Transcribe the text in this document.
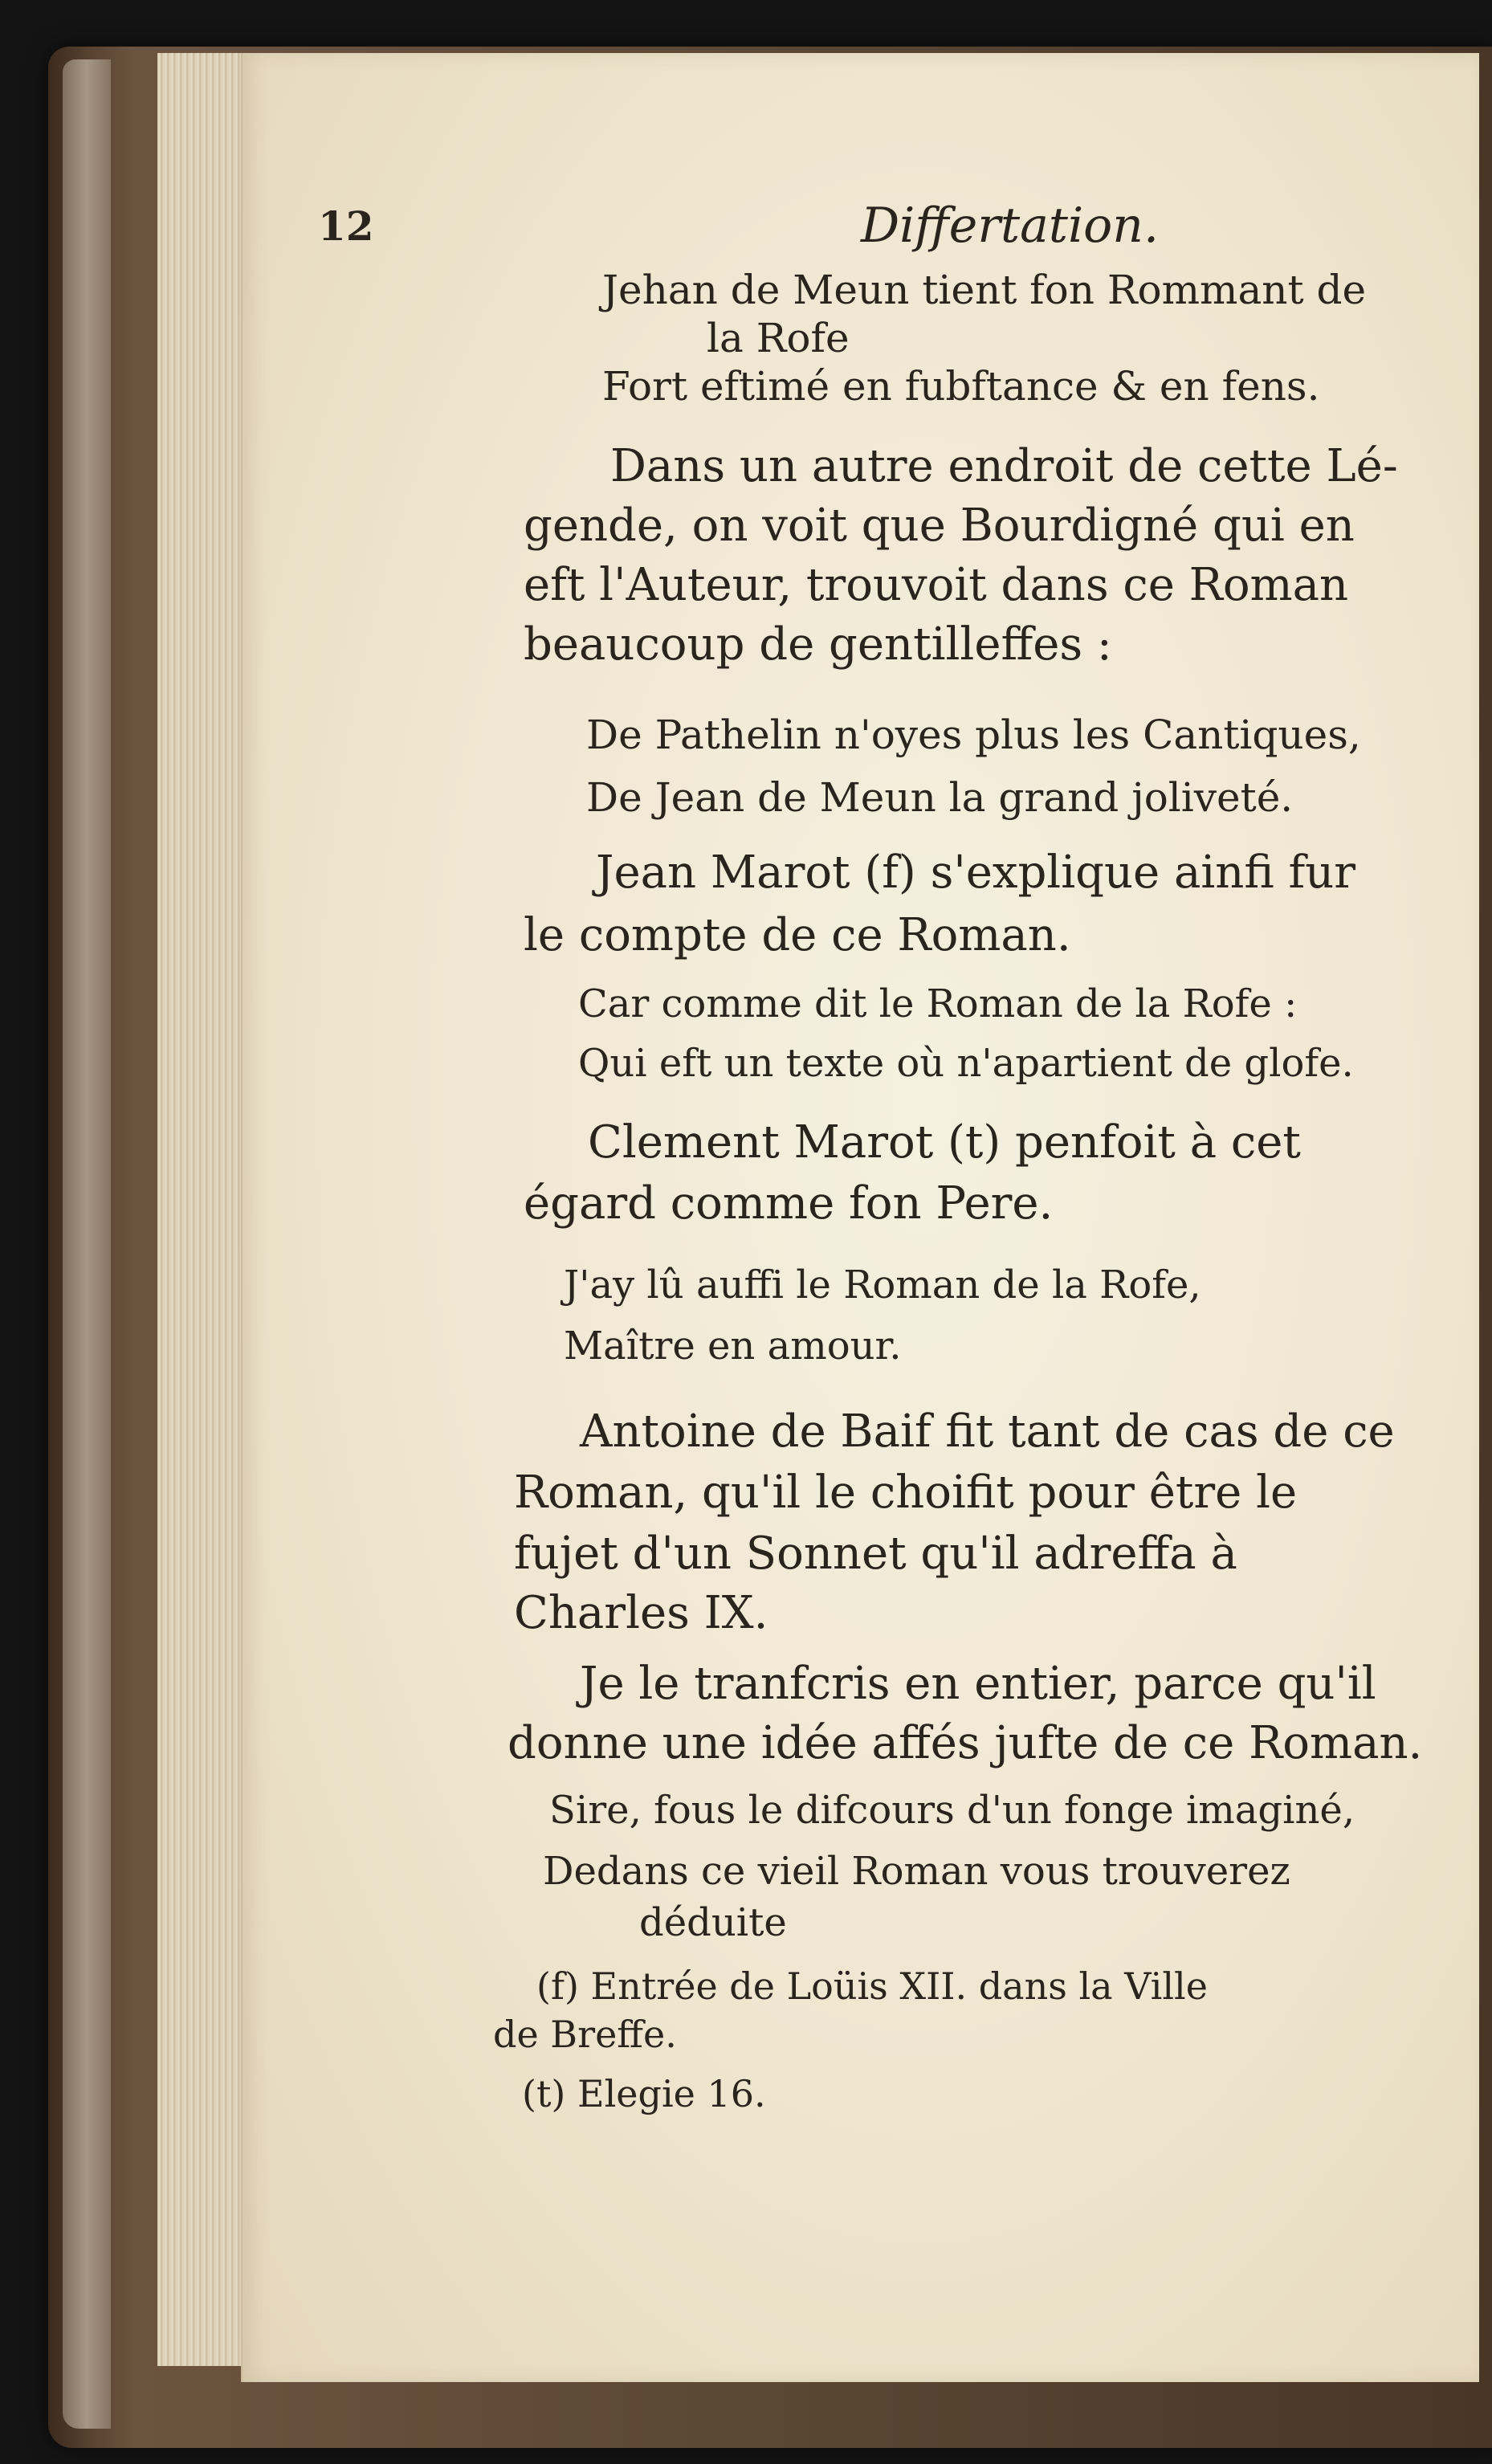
12	Differtation.
Jehan de Meun tient fon Rommant de
la Rofe
Fort eftimé en fubftance & en fens.
Dans un autre endroit de cette Lé-
gende, on voit que Bourdigné qui en
eft l'Auteur, trouvoit dans ce Roman
beaucoup de gentilleffes :
De Pathelin n'oyes plus les Cantiques,
De Jean de Meun la grand joliveté.
Jean Marot (f) s'explique ainfi fur
le compte de ce Roman.
Car comme dit le Roman de la Rofe :
Qui eft un texte où n'apartient de glofe.
Clement Marot (t) penfoit à cet
égard comme fon Pere.
J'ay lû auffi le Roman de la Rofe,
Maître en amour.
Antoine de Baif fit tant de cas de ce
Roman, qu'il le choifit pour être le
fujet d'un Sonnet qu'il adreffa à
Charles IX.
Je le tranfcris en entier, parce qu'il
donne une idée affés jufte de ce Roman.
Sire, fous le difcours d'un fonge imaginé,
Dedans ce vieil Roman vous trouverez
déduite
(f) Entrée de Loüis XII. dans la Ville
de Breffe.
(t) Elegie 16.
